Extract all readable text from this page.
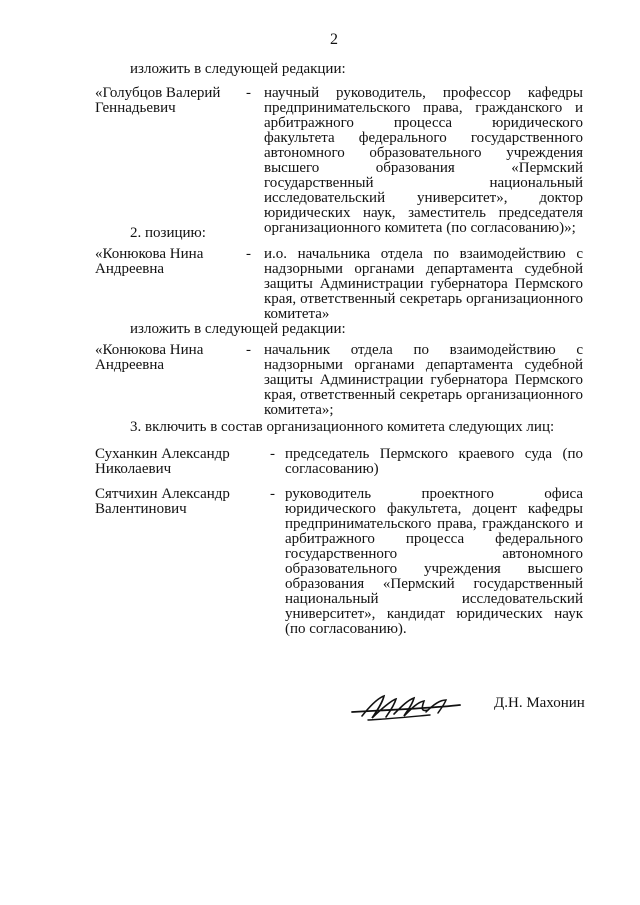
2
изложить в следующей редакции:
«Голубцов Валерий Геннадьевич
- научный руководитель, профессор кафедры предпринимательского права, гражданского и арбитражного процесса юридического факультета федерального государственного автономного образовательного учреждения высшего образования «Пермский государственный национальный исследовательский университет», доктор юридических наук, заместитель председателя организационного комитета (по согласованию)»;
2. позицию:
«Конюкова Нина Андреевна
- и.о. начальника отдела по взаимодействию с надзорными органами департамента судебной защиты Администрации губернатора Пермского края, ответственный секретарь организационного комитета»
изложить в следующей редакции:
«Конюкова Нина Андреевна
- начальник отдела по взаимодействию с надзорными органами департамента судебной защиты Администрации губернатора Пермского края, ответственный секретарь организационного комитета»;
3. включить в состав организационного комитета следующих лиц:
Суханкин Александр Николаевич
- председатель Пермского краевого суда (по согласованию)
Сятчихин Александр Валентинович
- руководитель проектного офиса юридического факультета, доцент кафедры предпринимательского права, гражданского и арбитражного процесса федерального государственного автономного образовательного учреждения высшего образования «Пермский государственный национальный исследовательский университет», кандидат юридических наук (по согласованию).
Д.Н. Махонин
